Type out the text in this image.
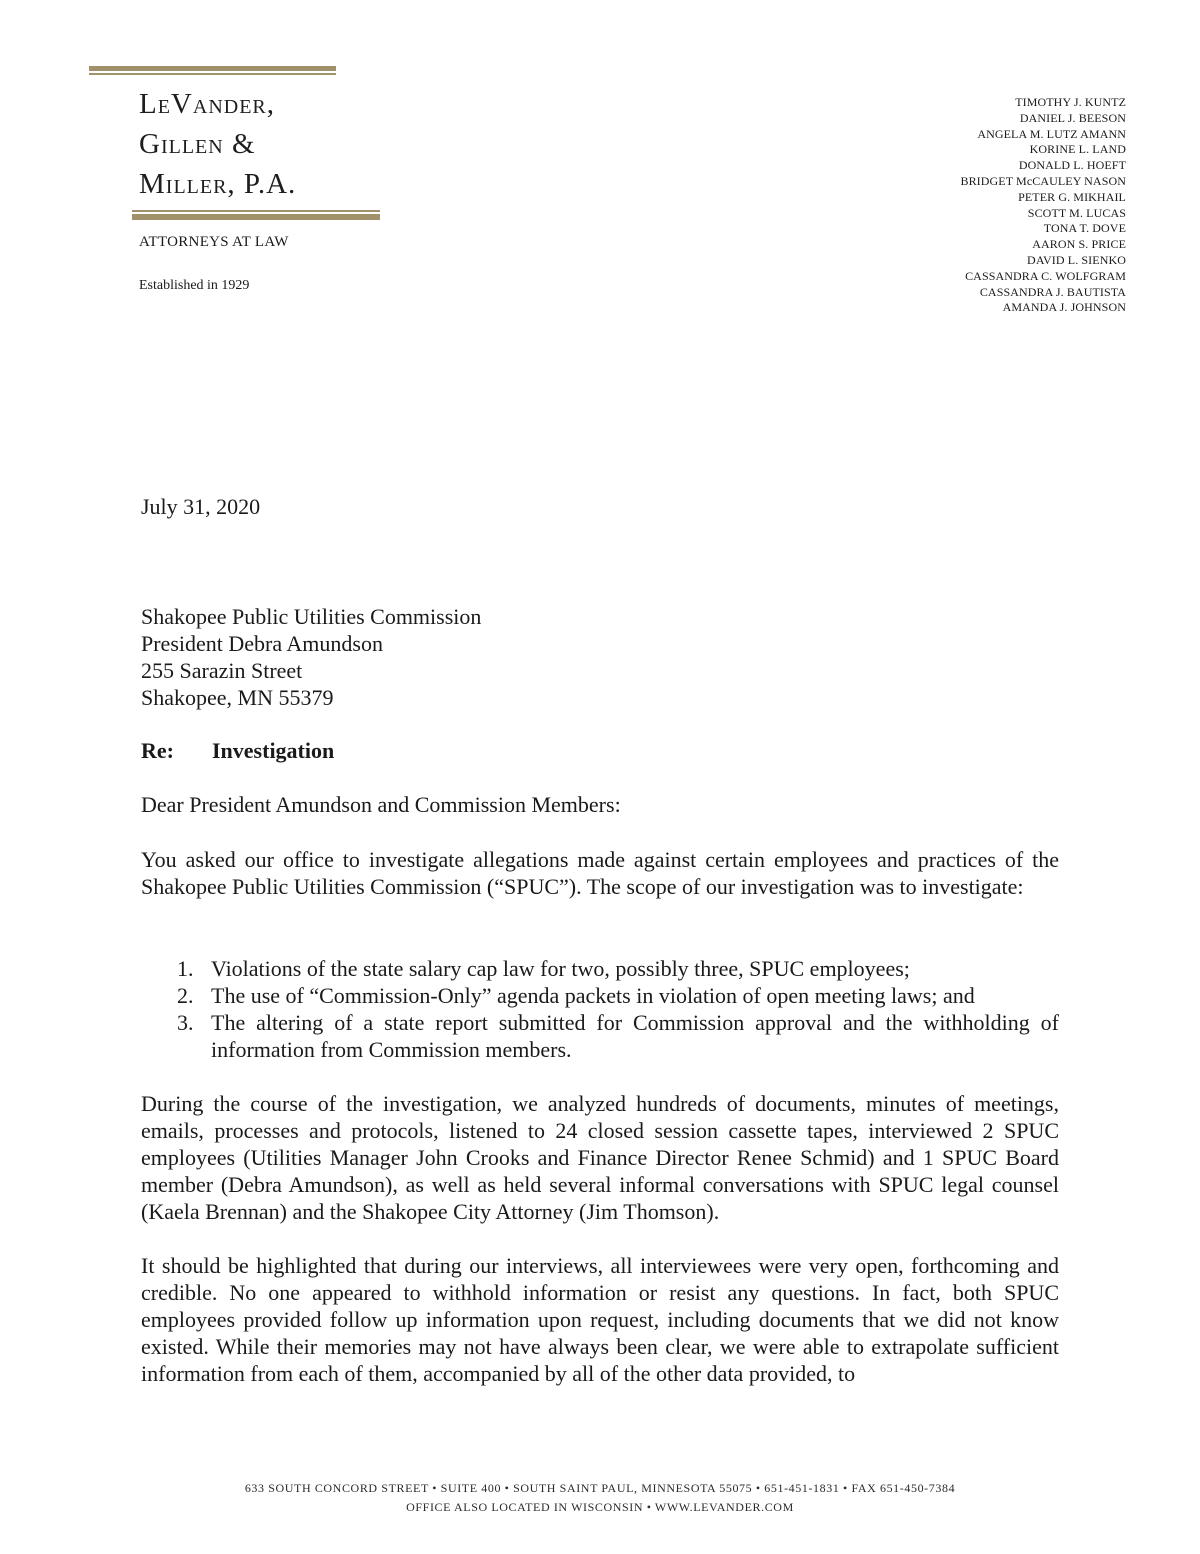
LeVander,
Gillen &
Miller, P.A.
ATTORNEYS AT LAW
Established in 1929
TIMOTHY J. KUNTZ
DANIEL J. BEESON
ANGELA M. LUTZ AMANN
KORINE L. LAND
DONALD L. HOEFT
BRIDGET McCAULEY NASON
PETER G. MIKHAIL
SCOTT M. LUCAS
TONA T. DOVE
AARON S. PRICE
DAVID L. SIENKO
CASSANDRA C. WOLFGRAM
CASSANDRA J. BAUTISTA
AMANDA J. JOHNSON
July 31, 2020
Shakopee Public Utilities Commission
President Debra Amundson
255 Sarazin Street
Shakopee, MN 55379
Re: Investigation
Dear President Amundson and Commission Members:
You asked our office to investigate allegations made against certain employees and practices of the Shakopee Public Utilities Commission (“SPUC”). The scope of our investigation was to investigate:
1. Violations of the state salary cap law for two, possibly three, SPUC employees;
2. The use of “Commission-Only” agenda packets in violation of open meeting laws; and
3. The altering of a state report submitted for Commission approval and the withholding of information from Commission members.
During the course of the investigation, we analyzed hundreds of documents, minutes of meetings, emails, processes and protocols, listened to 24 closed session cassette tapes, interviewed 2 SPUC employees (Utilities Manager John Crooks and Finance Director Renee Schmid) and 1 SPUC Board member (Debra Amundson), as well as held several informal conversations with SPUC legal counsel (Kaela Brennan) and the Shakopee City Attorney (Jim Thomson).
It should be highlighted that during our interviews, all interviewees were very open, forthcoming and credible. No one appeared to withhold information or resist any questions. In fact, both SPUC employees provided follow up information upon request, including documents that we did not know existed. While their memories may not have always been clear, we were able to extrapolate sufficient information from each of them, accompanied by all of the other data provided, to
633 SOUTH CONCORD STREET • SUITE 400 • SOUTH SAINT PAUL, MINNESOTA 55075 • 651-451-1831 • FAX 651-450-7384
OFFICE ALSO LOCATED IN WISCONSIN • WWW.LEVANDER.COM
